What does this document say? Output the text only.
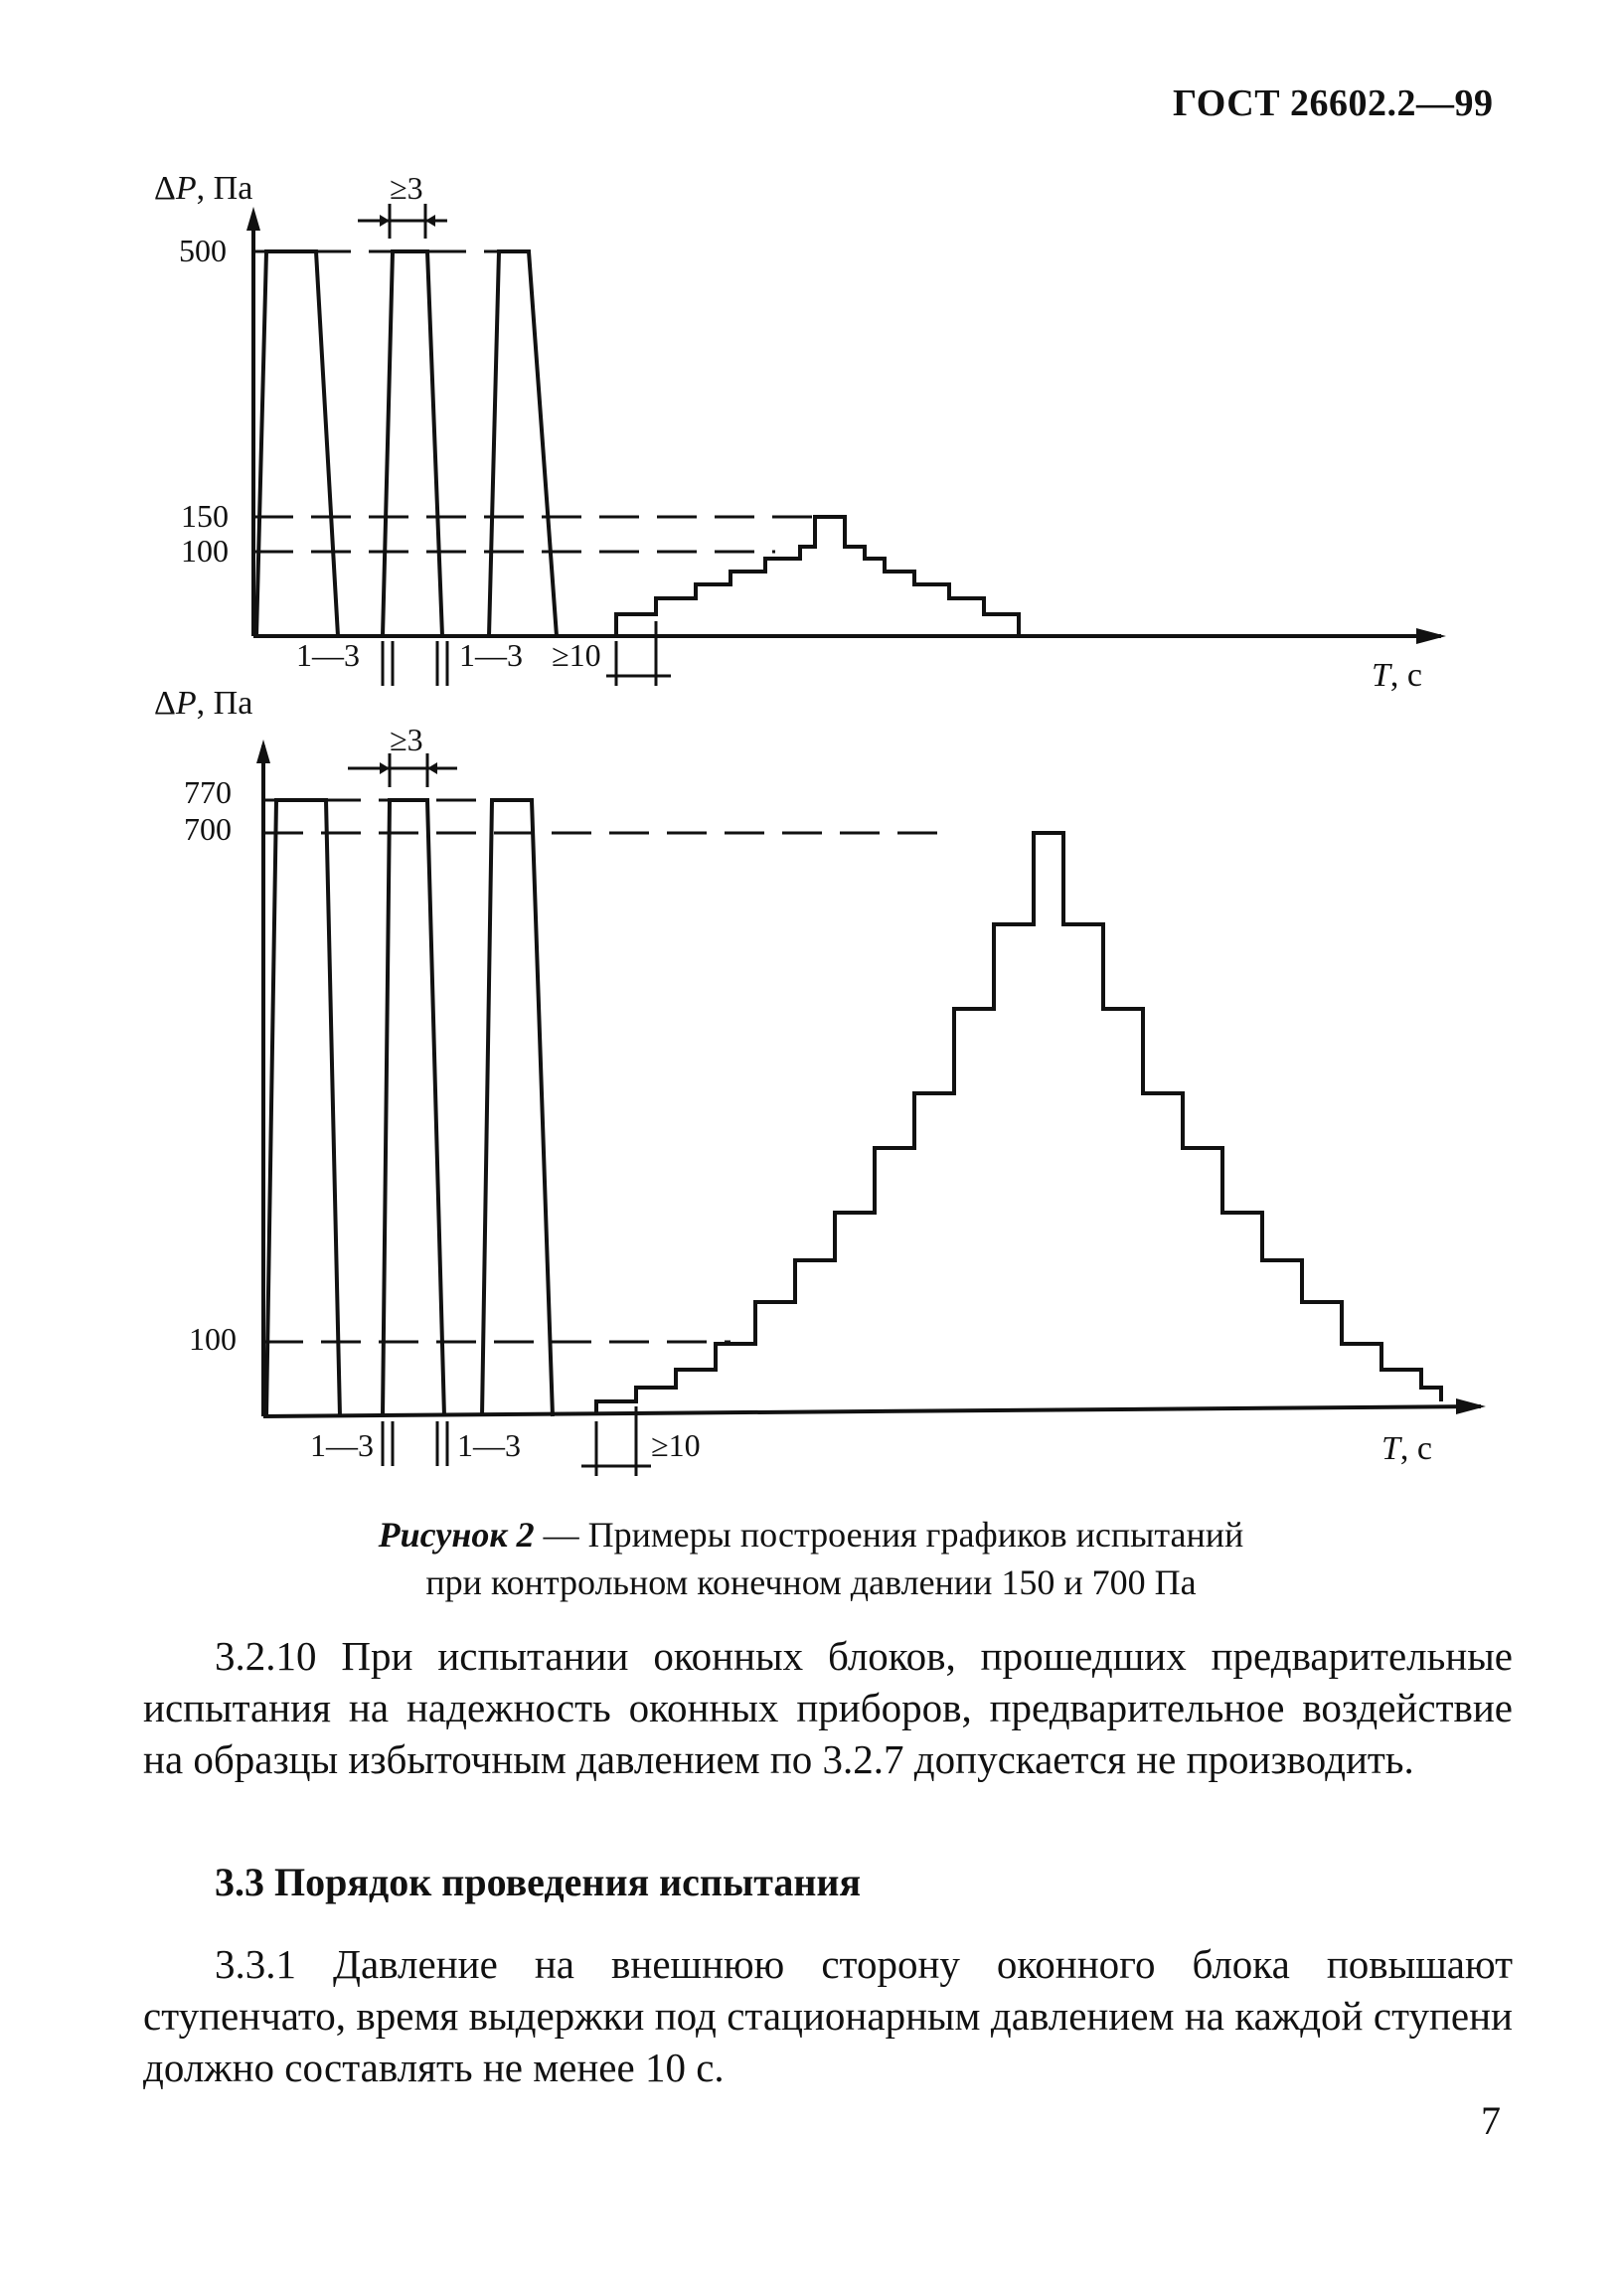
ГОСТ 26602.2—99
ΔP, Па
T, с
500
150
100
≥3
1—3	1—3 ≥10
ΔP, Па
T, с
770
700
100
≥3
1—3	1—3	≥10
Рисунок 2 — Примеры построения графиков испытаний
при контрольном конечном давлении 150 и 700 Па
3.2.10 При испытании оконных блоков, прошедших предварительные испытания на надежность оконных приборов, предварительное воздействие на образцы избыточным давлением по 3.2.7 допускается не производить.
3.3 Порядок проведения испытания
3.3.1 Давление на внешнюю сторону оконного блока повышают ступенчато, время выдержки под стационарным давлением на каждой ступени должно составлять не менее 10 с.
7
